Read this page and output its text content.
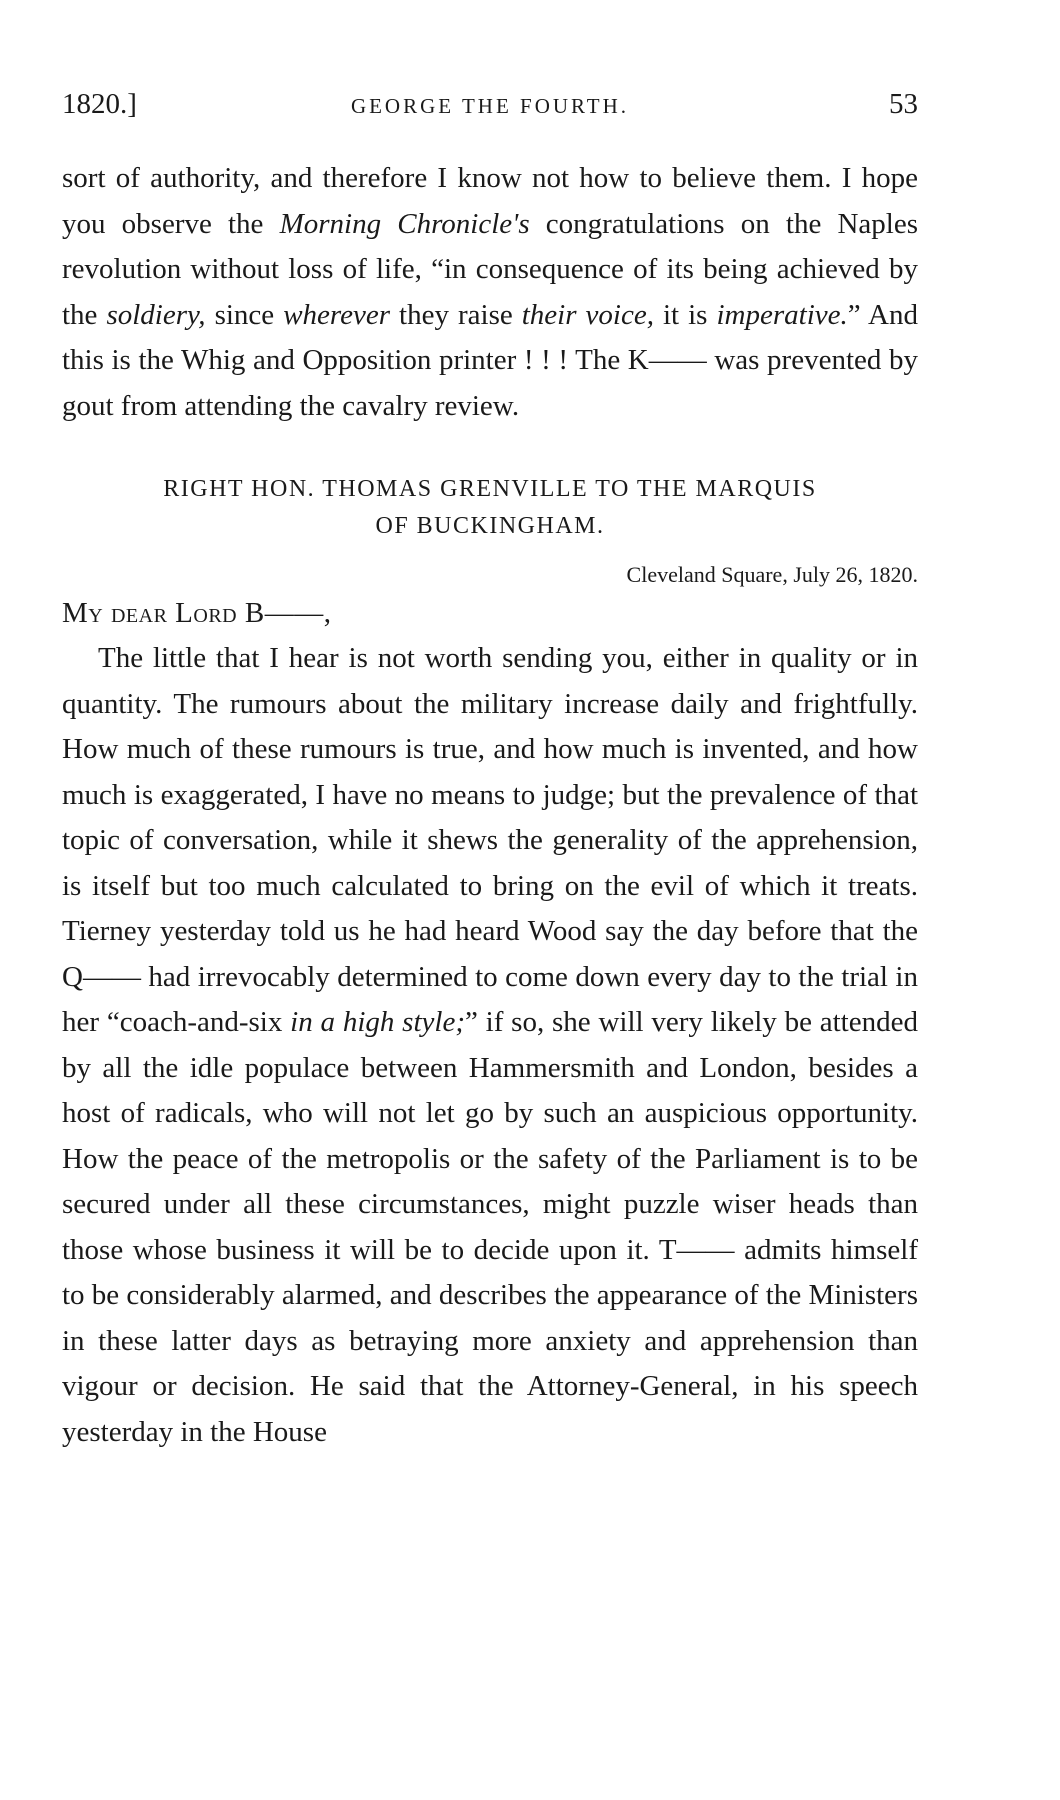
1820.]	GEORGE THE FOURTH.	53

sort of authority, and therefore I know not how to believe them. I hope you observe the Morning Chronicle's congratulations on the Naples revolution without loss of life, “in consequence of its being achieved by the soldiery, since wherever they raise their voice, it is imperative.” And this is the Whig and Opposition printer ! ! ! The K—— was prevented by gout from attending the cavalry review.

RIGHT HON. THOMAS GRENVILLE TO THE MARQUIS
OF BUCKINGHAM.
Cleveland Square, July 26, 1820.

My dear Lord B——,

The little that I hear is not worth sending you, either in quality or in quantity. The rumours about the military increase daily and frightfully. How much of these rumours is true, and how much is invented, and how much is exaggerated, I have no means to judge; but the prevalence of that topic of conversation, while it shews the generality of the apprehension, is itself but too much calculated to bring on the evil of which it treats. Tierney yesterday told us he had heard Wood say the day before that the Q—— had irrevocably determined to come down every day to the trial in her “coach-and-six in a high style;” if so, she will very likely be attended by all the idle populace between Hammersmith and London, besides a host of radicals, who will not let go by such an auspicious opportunity. How the peace of the metropolis or the safety of the Parliament is to be secured under all these circumstances, might puzzle wiser heads than those whose business it will be to decide upon it. T—— admits himself to be considerably alarmed, and describes the appearance of the Ministers in these latter days as betraying more anxiety and apprehension than vigour or decision. He said that the Attorney-General, in his speech yesterday in the House
